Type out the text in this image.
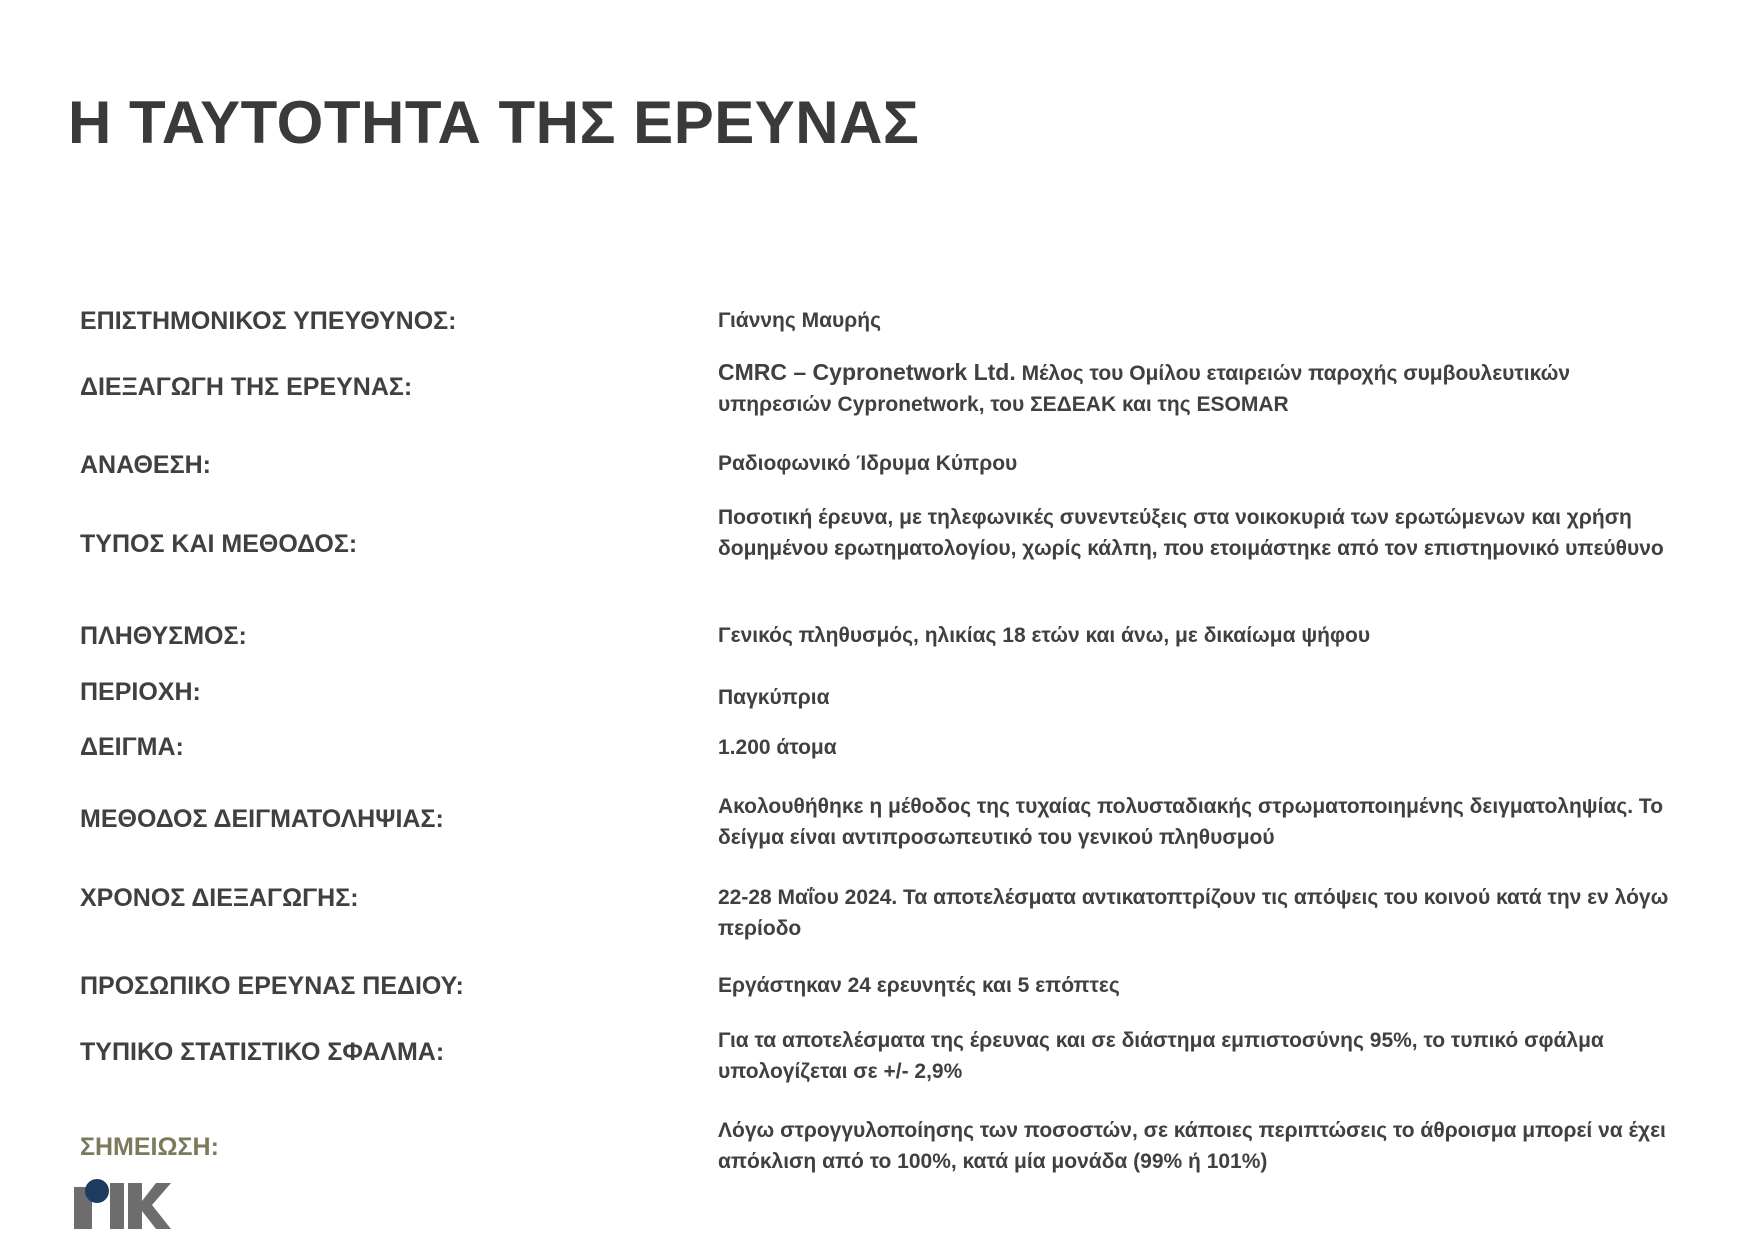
Η ΤΑΥΤΟΤΗΤΑ ΤΗΣ ΕΡΕΥΝΑΣ
ΕΠΙΣΤΗΜΟΝΙΚΟΣ ΥΠΕΥΘΥΝΟΣ:	Γιάννης Μαυρής
ΔΙΕΞΑΓΩΓΗ ΤΗΣ ΕΡΕΥΝΑΣ:
CMRC – Cypronetwork Ltd. Μέλος του Ομίλου εταιρειών παροχής συμβουλευτικών υπηρεσιών Cypronetwork, του ΣΕΔΕΑΚ και της ESOMAR
ΑΝΑΘΕΣΗ:	Ραδιοφωνικό Ίδρυμα Κύπρου
ΤΥΠΟΣ ΚΑΙ ΜΕΘΟΔΟΣ:
Ποσοτική έρευνα, με τηλεφωνικές συνεντεύξεις στα νοικοκυριά των ερωτώμενων και χρήση δομημένου ερωτηματολογίου, χωρίς κάλπη, που ετοιμάστηκε από τον επιστημονικό υπεύθυνο
ΠΛΗΘΥΣΜΟΣ:	Γενικός πληθυσμός, ηλικίας 18 ετών και άνω, με δικαίωμα ψήφου
ΠΕΡΙΟΧΗ:	Παγκύπρια
ΔΕΙΓΜΑ:	1.200 άτομα
ΜΕΘΟΔΟΣ ΔΕΙΓΜΑΤΟΛΗΨΙΑΣ:	Ακολουθήθηκε η μέθοδος της τυχαίας πολυσταδιακής στρωματοποιημένης δειγματοληψίας. Το δείγμα είναι αντιπροσωπευτικό του γενικού πληθυσμού
ΧΡΟΝΟΣ ΔΙΕΞΑΓΩΓΗΣ:	22-28 Μαΐου 2024. Τα αποτελέσματα αντικατοπτρίζουν τις απόψεις του κοινού κατά την εν λόγω περίοδο
ΠΡΟΣΩΠΙΚΟ ΕΡΕΥΝΑΣ ΠΕΔΙΟΥ:	Εργάστηκαν 24 ερευνητές και 5 επόπτες
ΤΥΠΙΚΟ ΣΤΑΤΙΣΤΙΚΟ ΣΦΑΛΜΑ:	Για τα αποτελέσματα της έρευνας και σε διάστημα εμπιστοσύνης 95%, το τυπικό σφάλμα υπολογίζεται σε +/- 2,9%
ΣΗΜΕΙΩΣΗ:
Λόγω στρογγυλοποίησης των ποσοστών, σε κάποιες περιπτώσεις το άθροισμα μπορεί να έχει απόκλιση από το 100%, κατά μία μονάδα (99% ή 101%)
